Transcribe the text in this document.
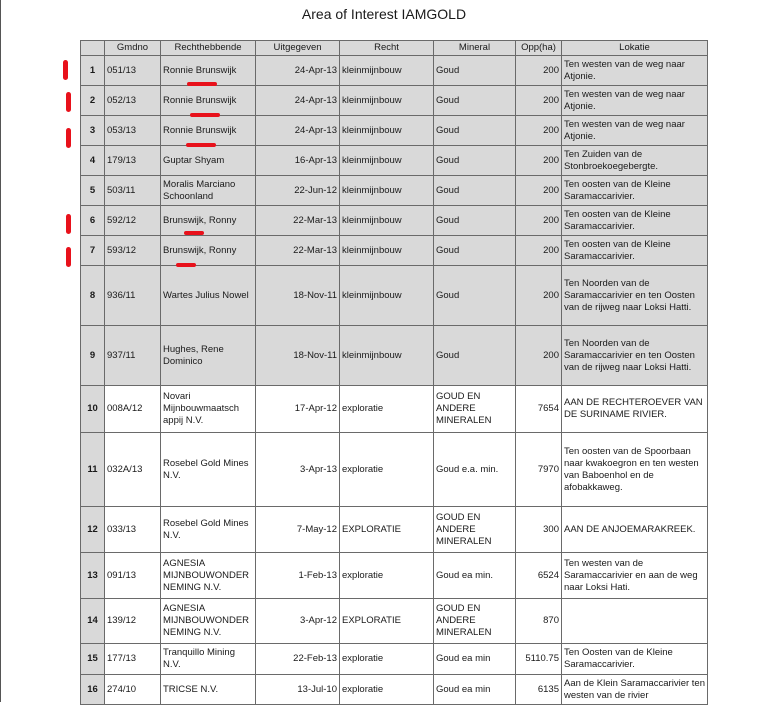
Area of Interest IAMGOLD
	Gmdno	Rechthebbende	Uitgegeven	Recht	Mineral	Opp(ha)	Lokatie
1	051/13	Ronnie Brunswijk	24-Apr-13	kleinmijnbouw	Goud	200	Ten westen van de weg naar Atjonie.
2	052/13	Ronnie Brunswijk	24-Apr-13	kleinmijnbouw	Goud	200	Ten westen van de weg naar Atjonie.
3	053/13	Ronnie Brunswijk	24-Apr-13	kleinmijnbouw	Goud	200	Ten westen van de weg naar Atjonie.
4	179/13	Guptar Shyam	16-Apr-13	kleinmijnbouw	Goud	200	Ten Zuiden van de Stonbroekoegebergte.
5	503/11	Moralis Marciano Schoonland	22-Jun-12	kleinmijnbouw	Goud	200	Ten oosten van de Kleine Saramaccarivier.
6	592/12	Brunswijk, Ronny	22-Mar-13	kleinmijnbouw	Goud	200	Ten oosten van de Kleine Saramaccarivier.
7	593/12	Brunswijk, Ronny	22-Mar-13	kleinmijnbouw	Goud	200	Ten oosten van de Kleine Saramaccarivier.
8	936/11	Wartes Julius Nowel	18-Nov-11	kleinmijnbouw	Goud	200	Ten Noorden van de Saramaccarivier en ten Oosten van de rijweg naar Loksi Hatti.
9	937/11	Hughes, Rene Dominico	18-Nov-11	kleinmijnbouw	Goud	200	Ten Noorden van de Saramaccarivier en ten Oosten van de rijweg naar Loksi Hatti.
10	008A/12	Novari Mijnbouwmaatsch appij N.V.	17-Apr-12	exploratie	GOUD EN ANDERE MINERALEN	7654	AAN DE RECHTEROEVER VAN DE SURINAME RIVIER.
11	032A/13	Rosebel Gold Mines N.V.	3-Apr-13	exploratie	Goud e.a. min.	7970	Ten oosten van de Spoorbaan naar kwakoegron en ten westen van Baboenhol en de afobakkaweg.
12	033/13	Rosebel Gold Mines N.V.	7-May-12	EXPLORATIE	GOUD EN ANDERE MINERALEN	300	AAN DE ANJOEMARAKREEK.
13	091/13	AGNESIA MIJNBOUWONDER NEMING N.V.	1-Feb-13	exploratie	Goud ea min.	6524	Ten westen van de Saramaccarivier en aan de weg naar Loksi Hati.
14	139/12	AGNESIA MIJNBOUWONDER NEMING N.V.	3-Apr-12	EXPLORATIE	GOUD EN ANDERE MINERALEN	870	
15	177/13	Tranquillo Mining N.V.	22-Feb-13	exploratie	Goud ea min	5110.75	Ten Oosten van de Kleine Saramaccarivier.
16	274/10	TRICSE N.V.	13-Jul-10	exploratie	Goud ea min	6135	Aan de Klein Saramaccarivier ten westen van de rivier
